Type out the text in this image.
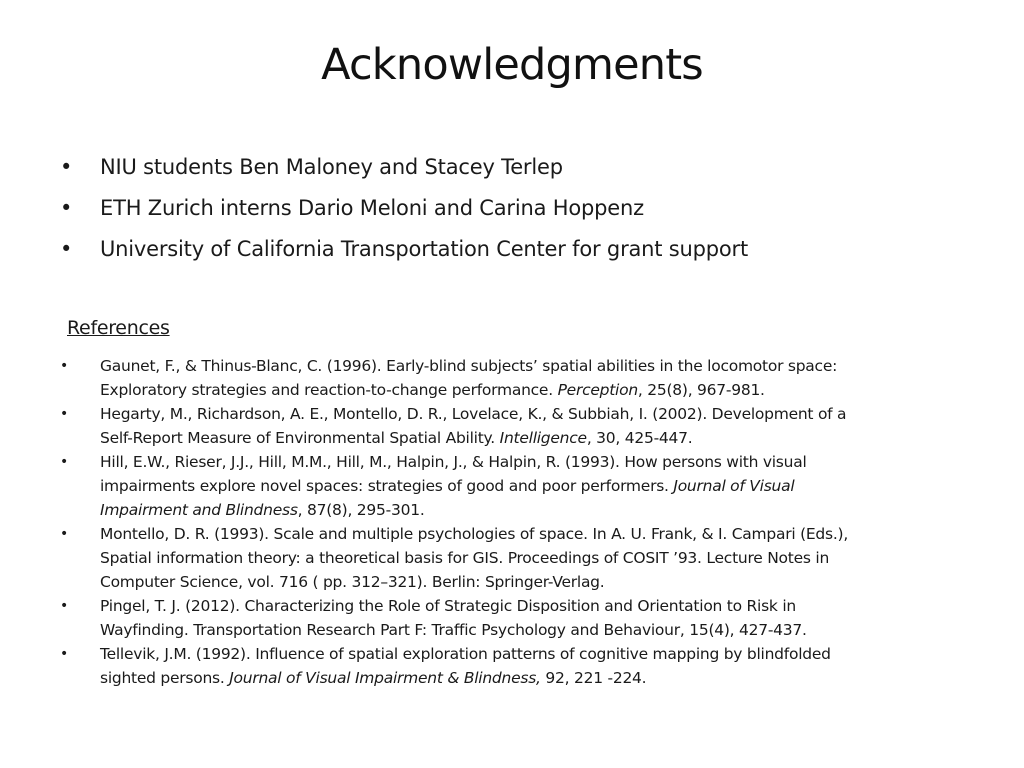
Acknowledgments
• NIU students Ben Maloney and Stacey Terlep
• ETH Zurich interns Dario Meloni and Carina Hoppenz
• University of California Transportation Center for grant support
References
• Gaunet, F., & Thinus-Blanc, C. (1996). Early-blind subjects’ spatial abilities in the locomotor space:
Exploratory strategies and reaction-to-change performance. Perception, 25(8), 967-981.
• Hegarty, M., Richardson, A. E., Montello, D. R., Lovelace, K., & Subbiah, I. (2002). Development of a
Self-Report Measure of Environmental Spatial Ability. Intelligence, 30, 425-447.
• Hill, E.W., Rieser, J.J., Hill, M.M., Hill, M., Halpin, J., & Halpin, R. (1993). How persons with visual
impairments explore novel spaces: strategies of good and poor performers. Journal of Visual
Impairment and Blindness, 87(8), 295-301.
• Montello, D. R. (1993). Scale and multiple psychologies of space. In A. U. Frank, & I. Campari (Eds.),
Spatial information theory: a theoretical basis for GIS. Proceedings of COSIT ’93. Lecture Notes in
Computer Science, vol. 716 ( pp. 312–321). Berlin: Springer-Verlag.
• Pingel, T. J. (2012). Characterizing the Role of Strategic Disposition and Orientation to Risk in
Wayfinding. Transportation Research Part F: Traffic Psychology and Behaviour, 15(4), 427-437.
• Tellevik, J.M. (1992). Influence of spatial exploration patterns of cognitive mapping by blindfolded
sighted persons. Journal of Visual Impairment & Blindness, 92, 221 -224.
